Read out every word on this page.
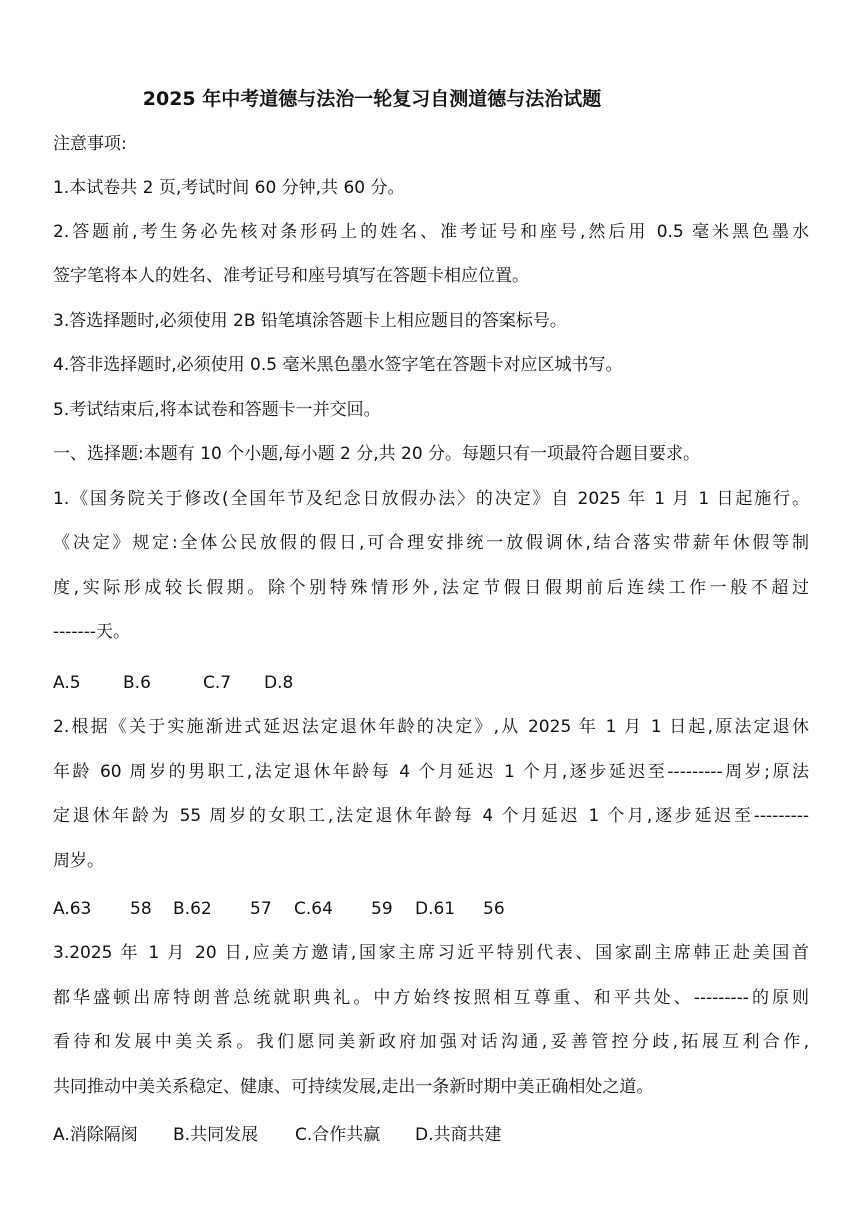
2025 年中考道德与法治一轮复习自测道德与法治试题
注意事项:
1.本试卷共 2 页,考试时间 60 分钟,共 60 分。
2.答题前,考生务必先核对条形码上的姓名、准考证号和座号,然后用 0.5 毫米黑色墨水
签字笔将本人的姓名、准考证号和座号填写在答题卡相应位置。
3.答选择题时,必须使用 2B 铅笔填涂答题卡上相应题目的答案标号。
4.答非选择题时,必须使用 0.5 毫米黑色墨水签字笔在答题卡对应区城书写。
5.考试结束后,将本试卷和答题卡一并交回。
一、选择题:本题有 10 个小题,每小题 2 分,共 20 分。每题只有一项最符合题目要求。
1.《国务院关于修改(全国年节及纪念日放假办法〉的决定》自 2025 年 1 月 1 日起施行。
《决定》规定:全体公民放假的假日,可合理安排统一放假调休,结合落实带薪年休假等制
度,实际形成较长假期。除个别特殊情形外,法定节假日假期前后连续工作一般不超过
-------天。
A.5 B.6	C.7 D.8
2.根据《关于实施渐进式延迟法定退休年龄的决定》,从 2025 年 1 月 1 日起,原法定退休
年龄 60 周岁的男职工,法定退休年龄每 4 个月延迟 1 个月,逐步延迟至---------周岁;原法
定退休年龄为 55 周岁的女职工,法定退休年龄每 4 个月延迟 1 个月,逐步延迟至---------
周岁。
A.63 58 B.62 57 C.64 59 D.61 56
3.2025 年 1 月 20 日,应美方邀请,国家主席习近平特别代表、国家副主席韩正赴美国首
都华盛顿出席特朗普总统就职典礼。中方始终按照相互尊重、和平共处、---------的原则
看待和发展中美关系。我们愿同美新政府加强对话沟通,妥善管控分歧,拓展互利合作,
共同推动中美关系稳定、健康、可持续发展,走出一条新时期中美正确相处之道。
A.消除隔阂 B.共同发展 C.合作共赢 D.共商共建
